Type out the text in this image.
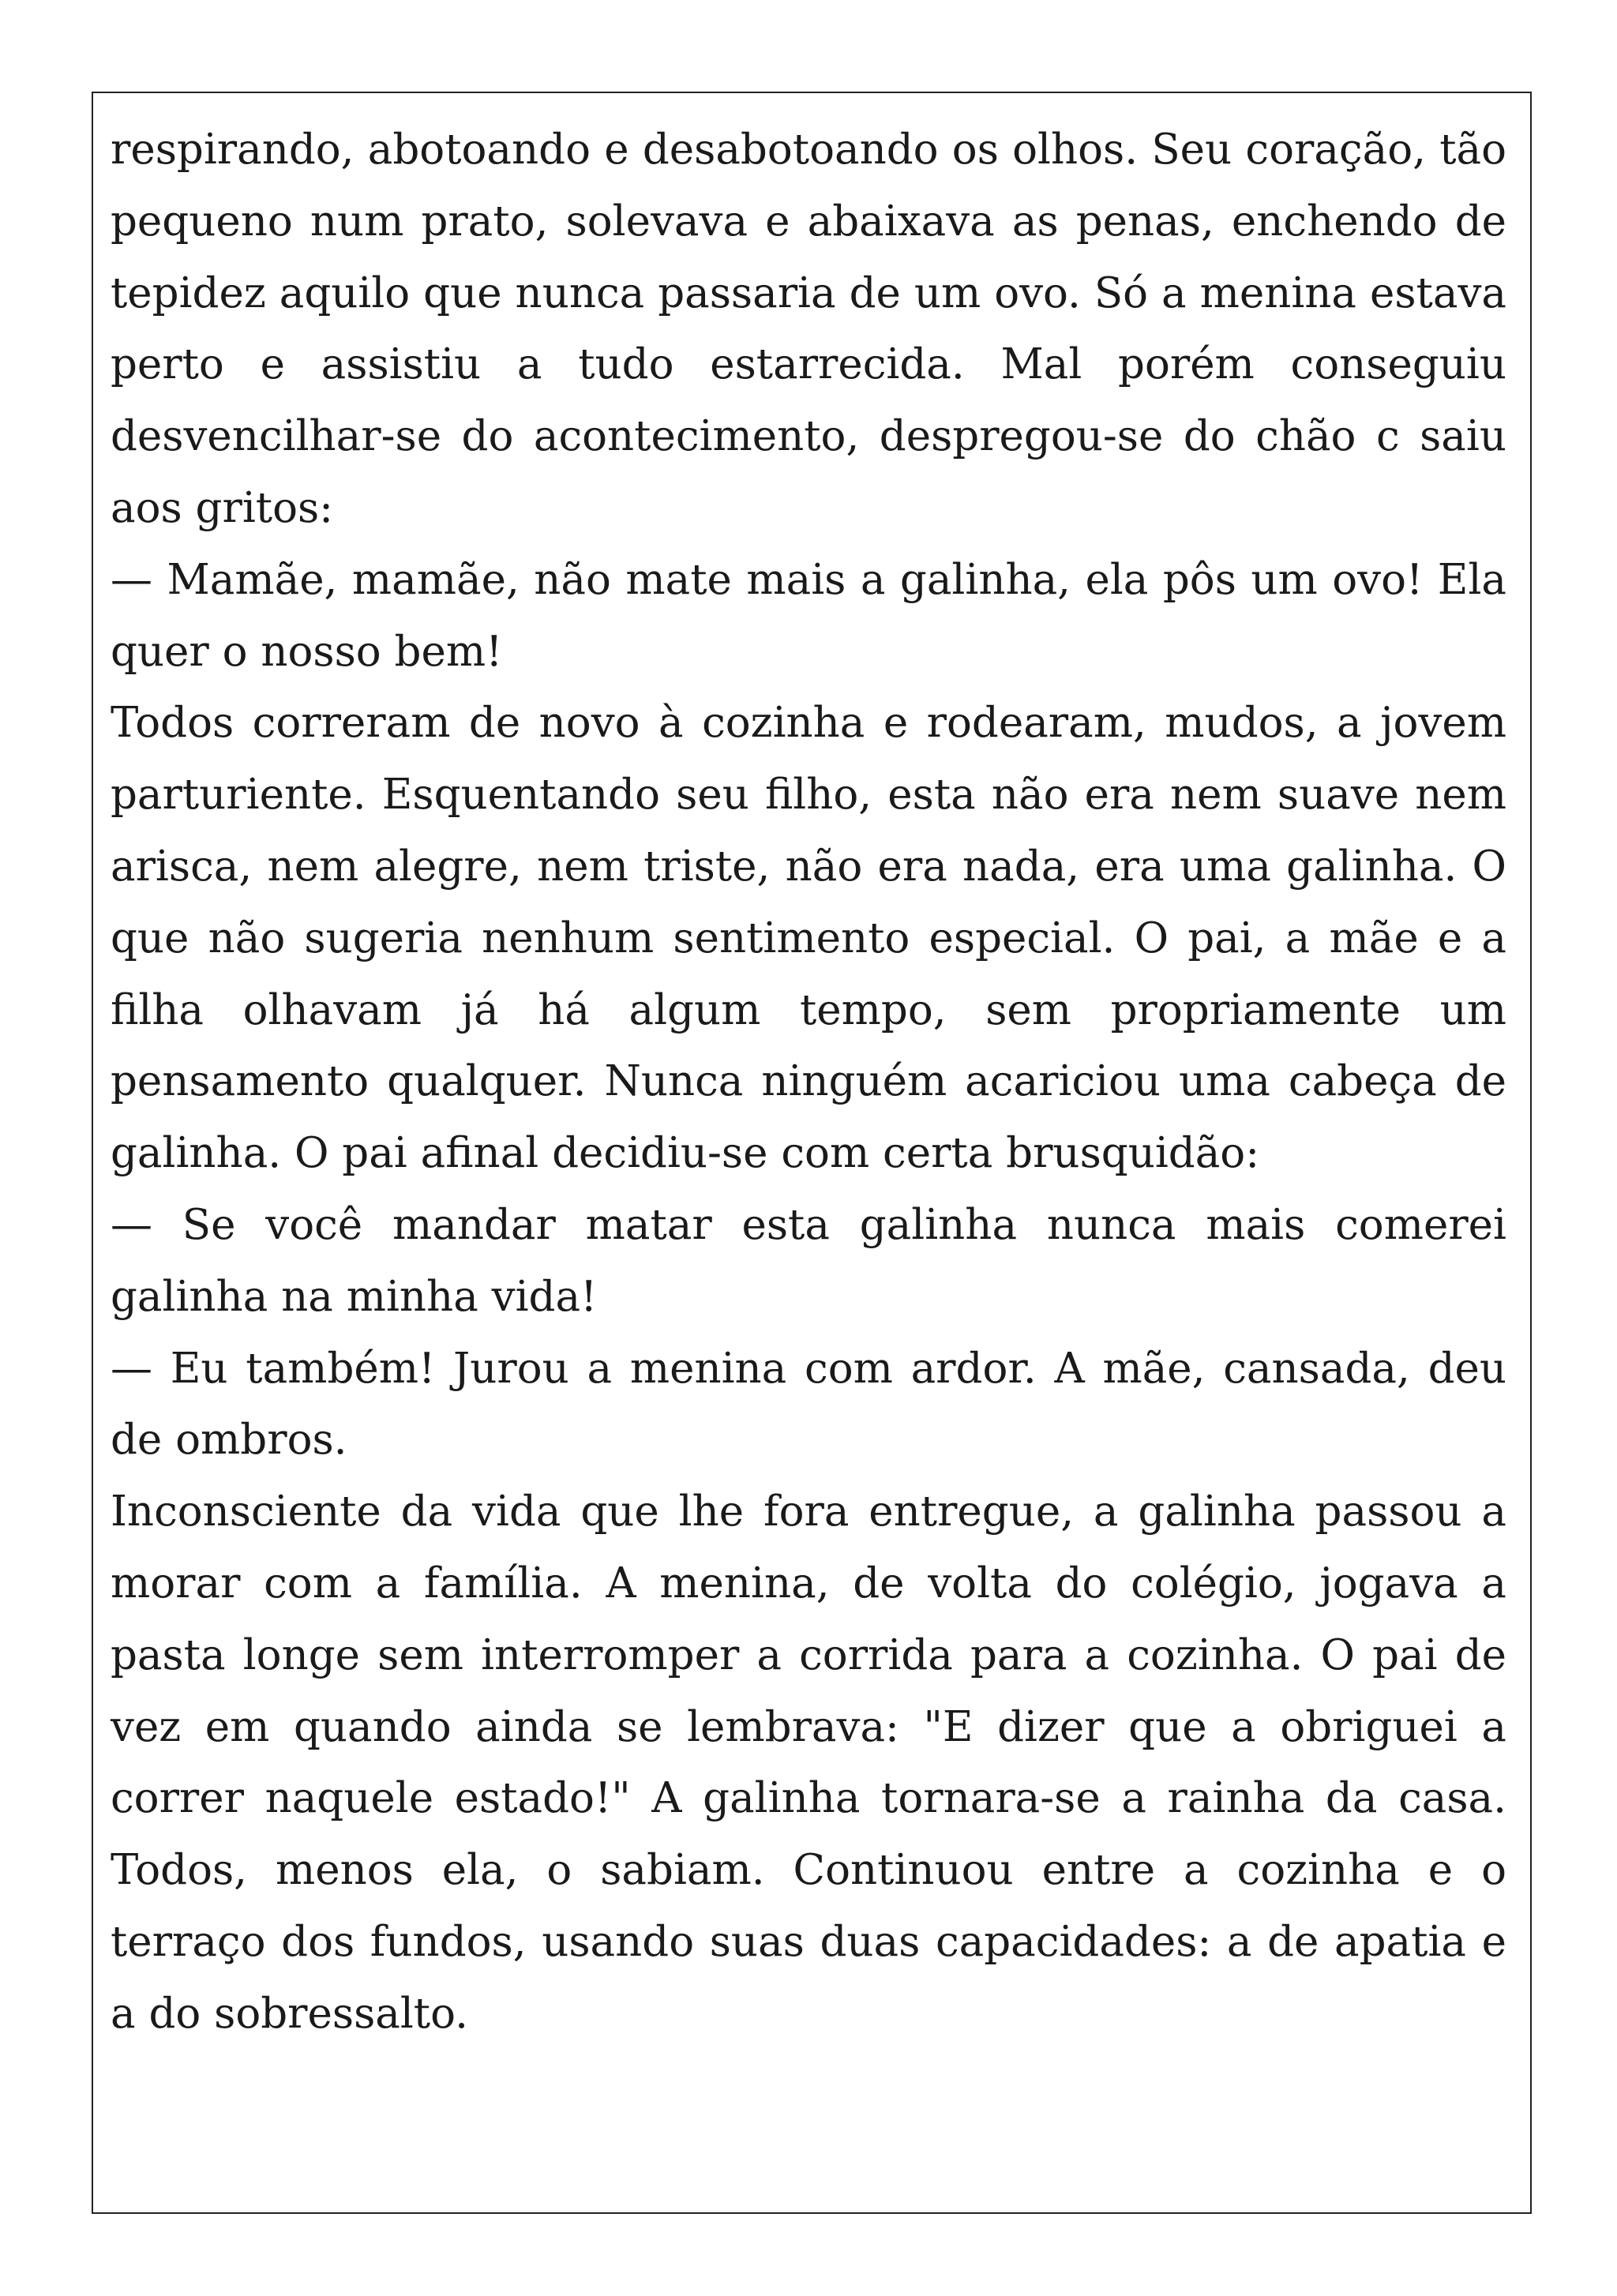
respirando, abotoando e desabotoando os olhos. Seu coração, tão pequeno num prato, solevava e abaixava as penas, enchendo de tepidez aquilo que nunca passaria de um ovo. Só a menina estava perto e assistiu a tudo estarrecida. Mal porém conseguiu desvencilhar-se do acontecimento, despregou-se do chão c saiu aos gritos:

— Mamãe, mamãe, não mate mais a galinha, ela pôs um ovo! Ela quer o nosso bem!

Todos correram de novo à cozinha e rodearam, mudos, a jovem parturiente. Esquentando seu filho, esta não era nem suave nem arisca, nem alegre, nem triste, não era nada, era uma galinha. O que não sugeria nenhum sentimento especial. O pai, a mãe e a filha olhavam já há algum tempo, sem propriamente um pensamento qualquer. Nunca ninguém acariciou uma cabeça de galinha. O pai afinal decidiu-se com certa brusquidão:

— Se você mandar matar esta galinha nunca mais comerei galinha na minha vida!

— Eu também! Jurou a menina com ardor. A mãe, cansada, deu de ombros.

Inconsciente da vida que lhe fora entregue, a galinha passou a morar com a família. A menina, de volta do colégio, jogava a pasta longe sem interromper a corrida para a cozinha. O pai de vez em quando ainda se lembrava: "E dizer que a obriguei a correr naquele estado!" A galinha tornara-se a rainha da casa. Todos, menos ela, o sabiam. Continuou entre a cozinha e o terraço dos fundos, usando suas duas capacidades: a de apatia e a do sobressalto.
